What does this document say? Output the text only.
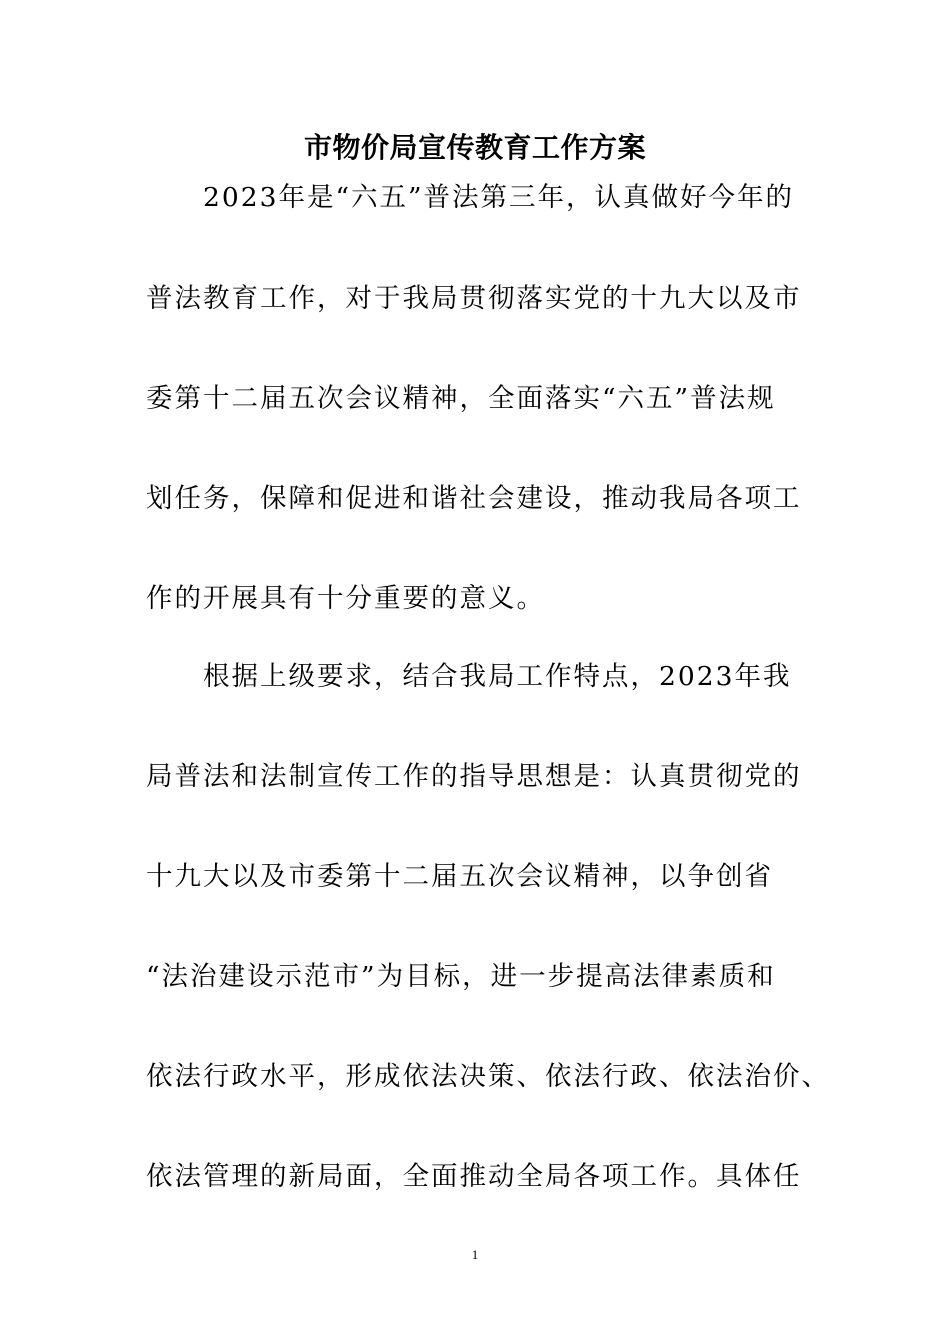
市物价局宣传教育工作方案
　　2023年是“六五”普法第三年，认真做好今年的
普法教育工作，对于我局贯彻落实党的十九大以及市
委第十二届五次会议精神，全面落实“六五”普法规
划任务，保障和促进和谐社会建设，推动我局各项工
作的开展具有十分重要的意义。
　　根据上级要求，结合我局工作特点，2023年我
局普法和法制宣传工作的指导思想是：认真贯彻党的
十九大以及市委第十二届五次会议精神，以争创省
“法治建设示范市”为目标，进一步提高法律素质和
依法行政水平，形成依法决策、依法行政、依法治价、
依法管理的新局面，全面推动全局各项工作。具体任
1
